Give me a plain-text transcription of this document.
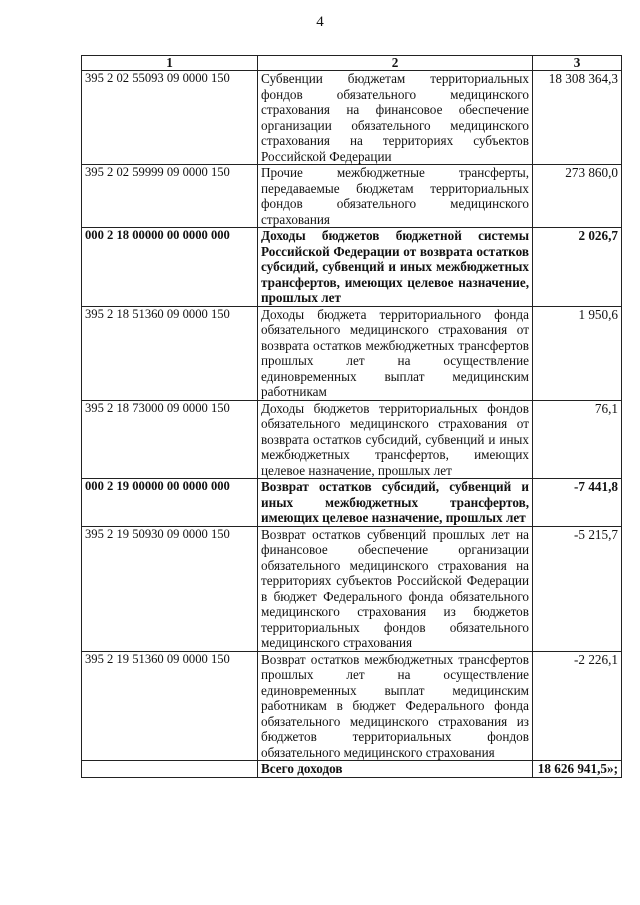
4
1	2	3
395 2 02 55093 09 0000 150	Субвенции бюджетам территориальных фондов обязательного медицинского страхования на финансовое обеспечение организации обязательного медицинского страхования на территориях субъектов Российской Федерации	18 308 364,3
395 2 02 59999 09 0000 150	Прочие межбюджетные трансферты, передаваемые бюджетам территориальных фондов обязательного медицинского страхования	273 860,0
000 2 18 00000 00 0000 000	Доходы бюджетов бюджетной системы Российской Федерации от возврата остатков субсидий, субвенций и иных межбюджетных трансфертов, имеющих целевое назначение, прошлых лет	2 026,7
395 2 18 51360 09 0000 150	Доходы бюджета территориального фонда обязательного медицинского страхования от возврата остатков межбюджетных трансфертов прошлых лет на осуществление единовременных выплат медицинским работникам	1 950,6
395 2 18 73000 09 0000 150	Доходы бюджетов территориальных фондов обязательного медицинского страхования от возврата остатков субсидий, субвенций и иных межбюджетных трансфертов, имеющих целевое назначение, прошлых лет	76,1
000 2 19 00000 00 0000 000	Возврат остатков субсидий, субвенций и иных межбюджетных трансфертов, имеющих целевое назначение, прошлых лет	-7 441,8
395 2 19 50930 09 0000 150	Возврат остатков субвенций прошлых лет на финансовое обеспечение организации обязательного медицинского страхования на территориях субъектов Российской Федерации в бюджет Федерального фонда обязательного медицинского страхования из бюджетов территориальных фондов обязательного медицинского страхования	-5 215,7
395 2 19 51360 09 0000 150	Возврат остатков межбюджетных трансфертов прошлых лет на осуществление единовременных выплат медицинским работникам в бюджет Федерального фонда обязательного медицинского страхования из бюджетов территориальных фондов обязательного медицинского страхования	-2 226,1
	Всего доходов	18 626 941,5»;
